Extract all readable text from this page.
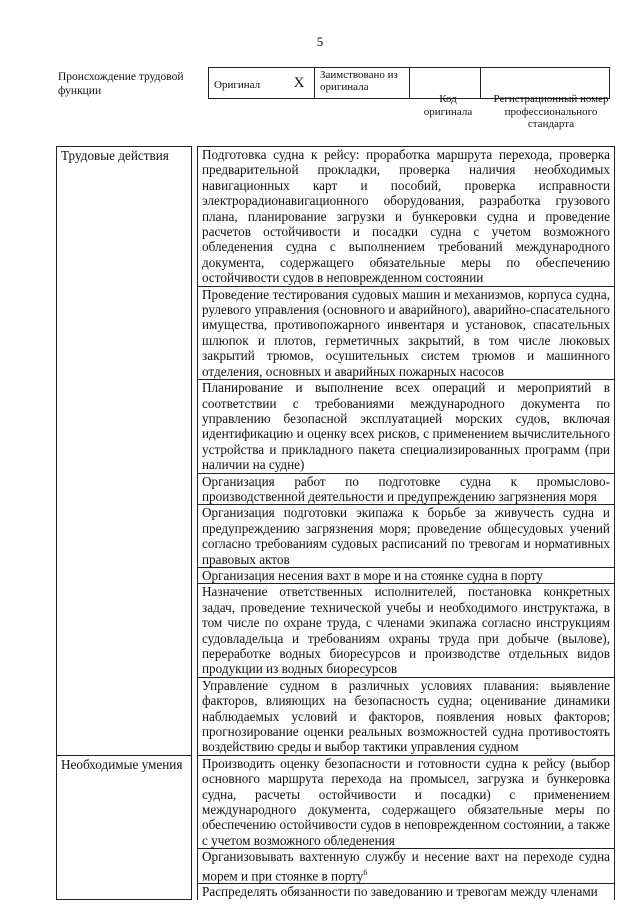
5
Происхождение трудовой функции	Оригинал	X	Заимствовано из оригинала		
Код оригинала
Регистрационный номер профессионального стандарта
Трудовые действия		Подготовка судна к рейсу: проработка маршрута перехода, проверка предварительной прокладки, проверка наличия необходимых навигационных карт и пособий, проверка исправности электрорадионавигационного оборудования, разработка грузового плана, планирование загрузки и бункеровки судна и проведение расчетов остойчивости и посадки судна с учетом возможного обледенения судна с выполнением требований международного документа, содержащего обязательные меры по обеспечению остойчивости судов в неповрежденном состоянии
		Проведение тестирования судовых машин и механизмов, корпуса судна, рулевого управления (основного и аварийного), аварийно-спасательного имущества, противопожарного инвентаря и установок, спасательных шлюпок и плотов, герметичных закрытий, в том числе люковых закрытий трюмов, осушительных систем трюмов и машинного отделения, основных и аварийных пожарных насосов
		Планирование и выполнение всех операций и мероприятий в соответствии с требованиями международного документа по управлению безопасной эксплуатацией морских судов, включая идентификацию и оценку всех рисков, с применением вычислительного устройства и прикладного пакета специализированных программ (при наличии на судне)
		Организация работ по подготовке судна к промыслово-производственной деятельности и предупреждению загрязнения моря
		Организация подготовки экипажа к борьбе за живучесть судна и предупреждению загрязнения моря; проведение общесудовых учений согласно требованиям судовых расписаний по тревогам и нормативных правовых актов
		Организация несения вахт в море и на стоянке судна в порту
		Назначение ответственных исполнителей, постановка конкретных задач, проведение технической учебы и необходимого инструктажа, в том числе по охране труда, с членами экипажа согласно инструкциям судовладельца и требованиям охраны труда при добыче (вылове), переработке водных биоресурсов и производстве отдельных видов продукции из водных биоресурсов
		Управление судном в различных условиях плавания: выявление факторов, влияющих на безопасность судна; оценивание динамики наблюдаемых условий и факторов, появления новых факторов; прогнозирование оценки реальных возможностей судна противостоять воздействию среды и выбор тактики управления судном
Необходимые умения		Производить оценку безопасности и готовности судна к рейсу (выбор основного маршрута перехода на промысел, загрузка и бункеровка судна, расчеты остойчивости и посадки) с применением международного документа, содержащего обязательные меры по обеспечению остойчивости судов в неповрежденном состоянии, а также с учетом возможного обледенения
		Организовывать вахтенную службу и несение вахт на переходе судна морем и при стоянке в порту$^6$
		Распределять обязанности по заведованию и тревогам между членами
